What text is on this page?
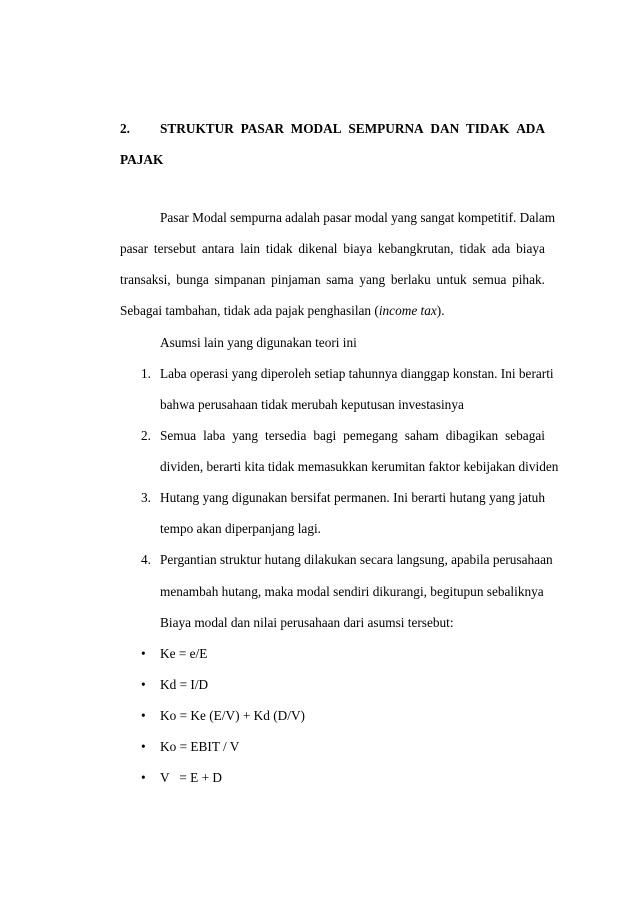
2. STRUKTUR PASAR MODAL SEMPURNA DAN TIDAK ADA
PAJAK
Pasar Modal sempurna adalah pasar modal yang sangat kompetitif. Dalam
pasar tersebut antara lain tidak dikenal biaya kebangkrutan, tidak ada biaya
transaksi, bunga simpanan pinjaman sama yang berlaku untuk semua pihak.
Sebagai tambahan, tidak ada pajak penghasilan (income tax).
Asumsi lain yang digunakan teori ini
1. Laba operasi yang diperoleh setiap tahunnya dianggap konstan. Ini berarti
bahwa perusahaan tidak merubah keputusan investasinya
2. Semua laba yang tersedia bagi pemegang saham dibagikan sebagai
dividen, berarti kita tidak memasukkan kerumitan faktor kebijakan dividen
3. Hutang yang digunakan bersifat permanen. Ini berarti hutang yang jatuh
tempo akan diperpanjang lagi.
4. Pergantian struktur hutang dilakukan secara langsung, apabila perusahaan
menambah hutang, maka modal sendiri dikurangi, begitupun sebaliknya
Biaya modal dan nilai perusahaan dari asumsi tersebut:
• Ke = e/E
• Kd = I/D
• Ko = Ke (E/V) + Kd (D/V)
• Ko = EBIT / V
• V   = E + D
